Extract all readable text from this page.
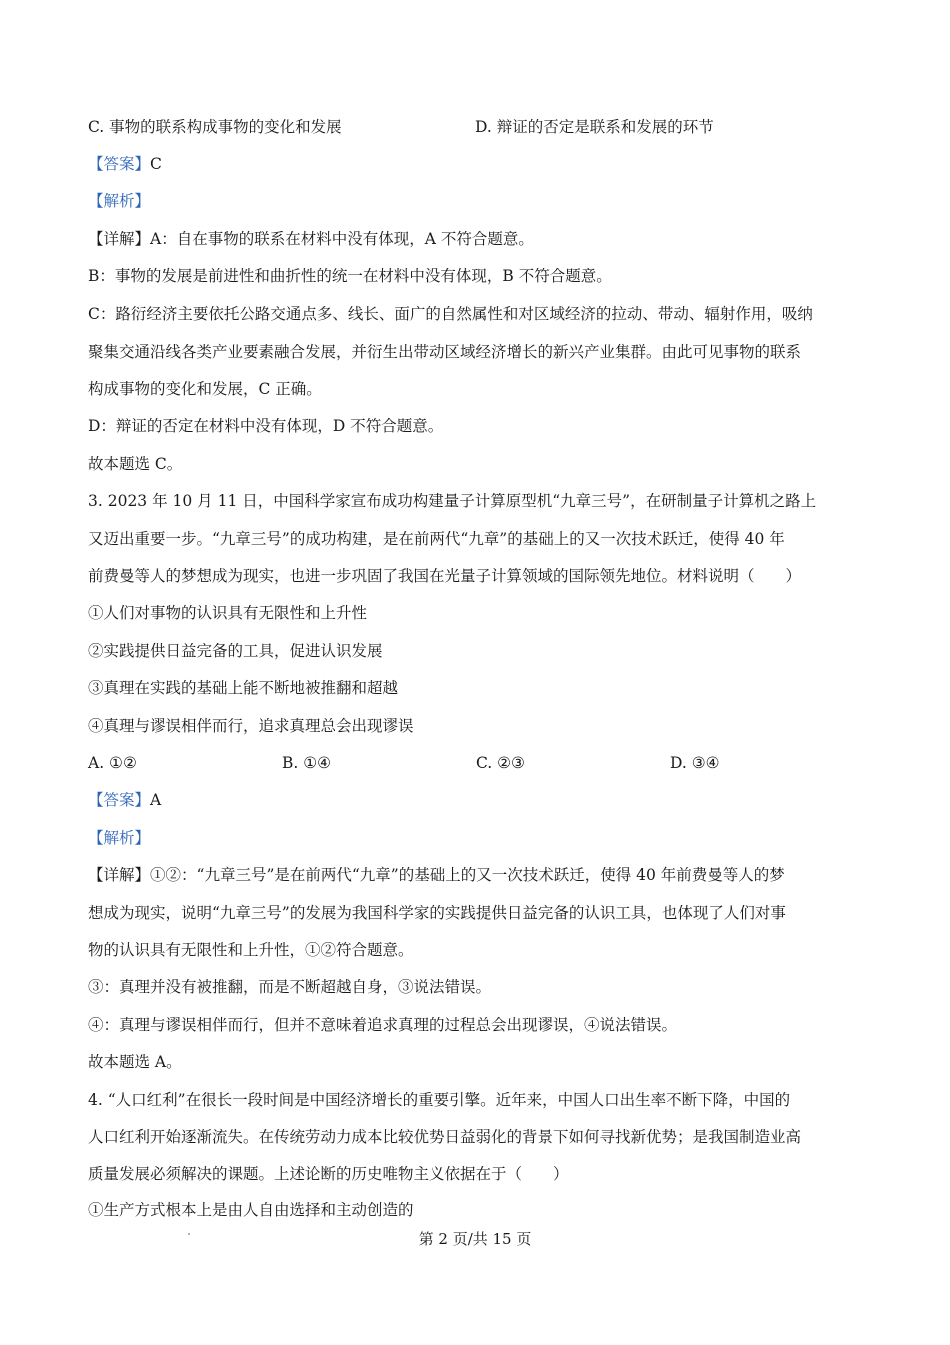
C. 事物的联系构成事物的变化和发展	D. 辩证的否定是联系和发展的环节
【答案】C
【解析】
【详解】A：自在事物的联系在材料中没有体现，A 不符合题意。
B：事物的发展是前进性和曲折性的统一在材料中没有体现，B 不符合题意。
C：路衍经济主要依托公路交通点多、线长、面广的自然属性和对区域经济的拉动、带动、辐射作用，吸纳
聚集交通沿线各类产业要素融合发展，并衍生出带动区域经济增长的新兴产业集群。由此可见事物的联系
构成事物的变化和发展，C 正确。
D：辩证的否定在材料中没有体现，D 不符合题意。
故本题选 C。
3. 2023 年 10 月 11 日，中国科学家宣布成功构建量子计算原型机“九章三号”，在研制量子计算机之路上
又迈出重要一步。“九章三号”的成功构建，是在前两代“九章”的基础上的又一次技术跃迁，使得 40 年
前费曼等人的梦想成为现实，也进一步巩固了我国在光量子计算领域的国际领先地位。材料说明（　　）
①人们对事物的认识具有无限性和上升性
②实践提供日益完备的工具，促进认识发展
③真理在实践的基础上能不断地被推翻和超越
④真理与谬误相伴而行，追求真理总会出现谬误
A. ①②	B. ①④	C. ②③	D. ③④
【答案】A
【解析】
【详解】①②：“九章三号”是在前两代“九章”的基础上的又一次技术跃迁，使得 40 年前费曼等人的梦
想成为现实，说明“九章三号”的发展为我国科学家的实践提供日益完备的认识工具，也体现了人们对事
物的认识具有无限性和上升性，①②符合题意。
③：真理并没有被推翻，而是不断超越自身，③说法错误。
④：真理与谬误相伴而行，但并不意味着追求真理的过程总会出现谬误，④说法错误。
故本题选 A。
4. “人口红利”在很长一段时间是中国经济增长的重要引擎。近年来，中国人口出生率不断下降，中国的
人口红利开始逐渐流失。在传统劳动力成本比较优势日益弱化的背景下如何寻找新优势；是我国制造业高
质量发展必须解决的课题。上述论断的历史唯物主义依据在于（　　）
①生产方式根本上是由人自由选择和主动创造的
第 2 页/共 15 页
